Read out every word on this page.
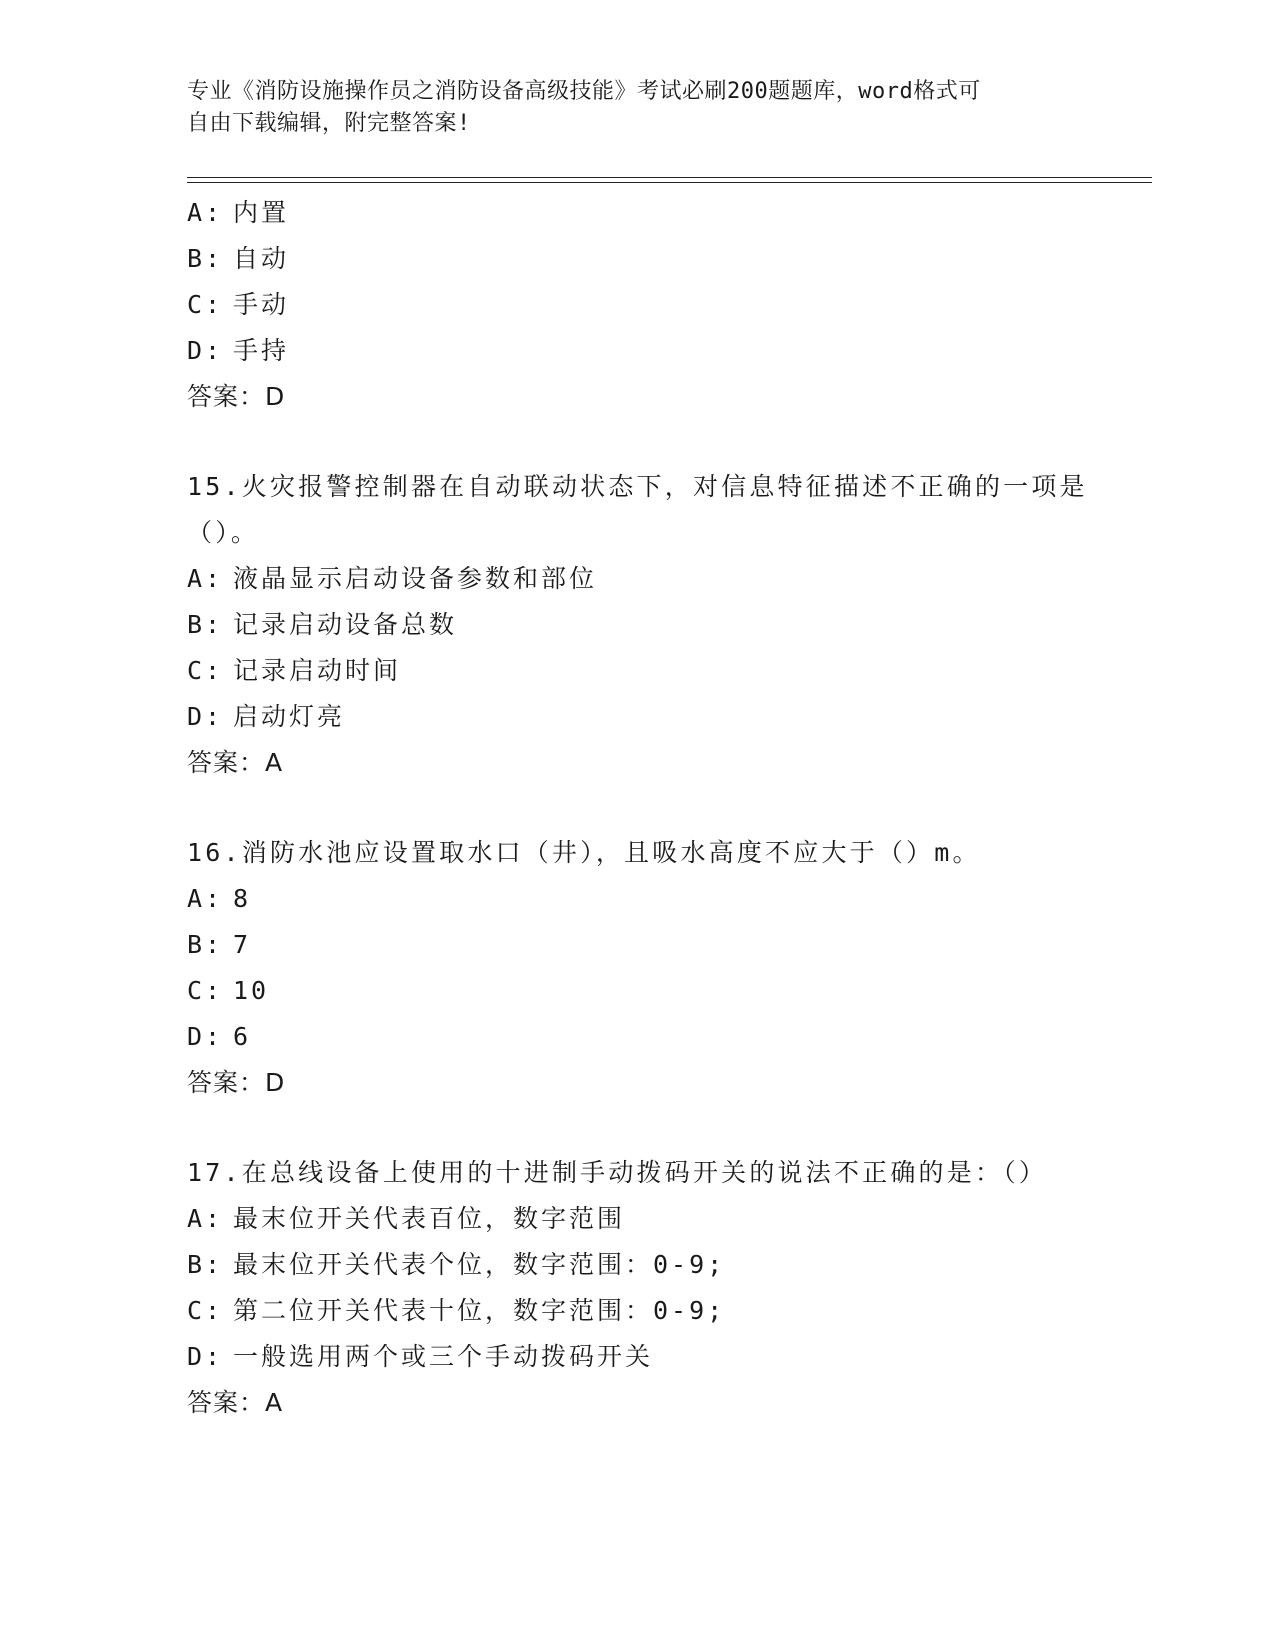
专业《消防设施操作员之消防设备高级技能》考试必刷200题题库，word格式可
自由下载编辑，附完整答案!
A: 内置
B: 自动
C: 手动
D: 手持
答案：D
15.火灾报警控制器在自动联动状态下，对信息特征描述不正确的一项是（）。
A: 液晶显示启动设备参数和部位
B: 记录启动设备总数
C: 记录启动时间
D: 启动灯亮
答案：A
16.消防水池应设置取水口（井），且吸水高度不应大于（）m。
A: 8
B: 7
C: 10
D: 6
答案：D
17.在总线设备上使用的十进制手动拨码开关的说法不正确的是：（）
A: 最末位开关代表百位，数字范围
B: 最末位开关代表个位，数字范围：0-9;
C: 第二位开关代表十位，数字范围：0-9;
D: 一般选用两个或三个手动拨码开关
答案：A
